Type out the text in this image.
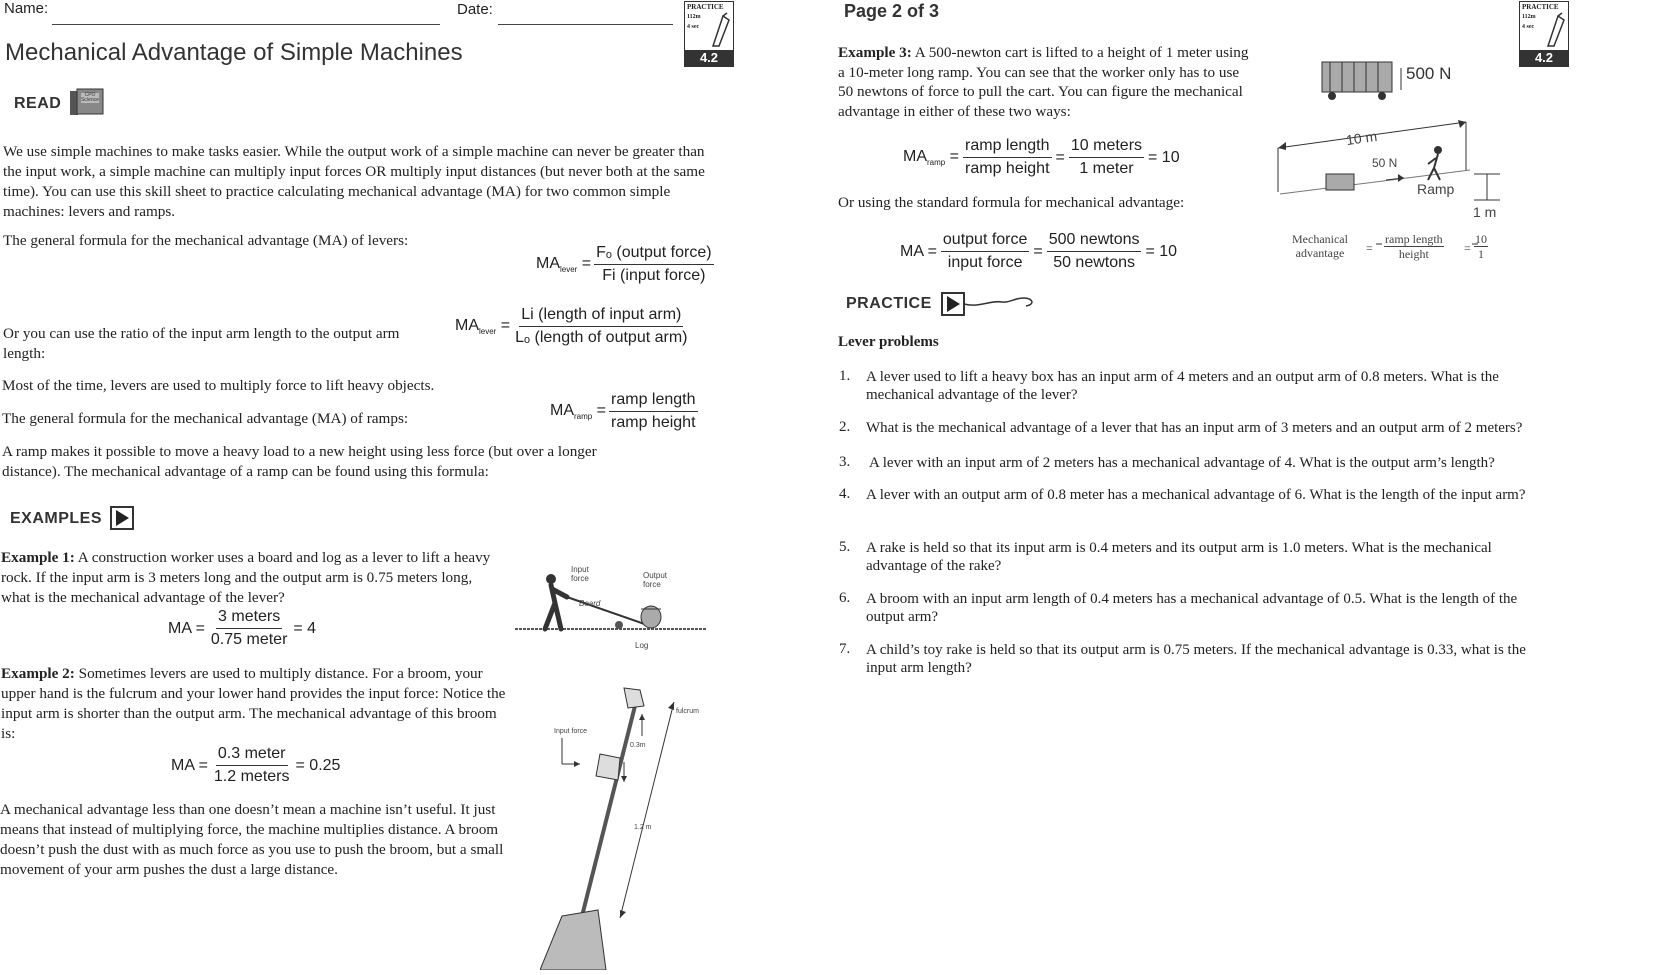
Name:	Date:	PRACTICE
112m
4 sec
4.2
Mechanical Advantage of Simple Machines
READ	CPO Science
We use simple machines to make tasks easier. While the output work of a simple machine can never be greater than the input work, a simple machine can multiply input forces OR multiply input distances (but never both at the same time). You can use this skill sheet to practice calculating mechanical advantage (MA) for two common simple machines: levers and ramps.
The general formula for the mechanical advantage (MA) of levers:
$MA_{lever} = \frac{\text{Fₒ (output force)}}{\text{Fi (input force)}}$
Or you can use the ratio of the input arm length to the output arm length:
$MA_{lever} = \frac{\text{Li (length of input arm)}}{\text{Lₒ (length of output arm)}}$
Most of the time, levers are used to multiply force to lift heavy objects.
The general formula for the mechanical advantage (MA) of ramps:	$MA_{ramp} = \frac{\text{ramp length}}{\text{ramp height}}$
A ramp makes it possible to move a heavy load to a new height using less force (but over a longer distance). The mechanical advantage of a ramp can be found using this formula:
EXAMPLES
Example 1: A construction worker uses a board and log as a lever to lift a heavy rock. If the input arm is 3 meters long and the output arm is 0.75 meters long, what is the mechanical advantage of the lever?
MA = $\frac{\text{3 meters}}{\text{0.75 meter}} = 4$
Input force	Output force
Board
Log
Example 2: Sometimes levers are used to multiply distance. For a broom, your upper hand is the fulcrum and your lower hand provides the input force: Notice the input arm is shorter than the output arm. The mechanical advantage of this broom is:
MA = $\frac{\text{0.3 meter}}{\text{1.2 meters}} = 0.25$
A mechanical advantage less than one doesn’t mean a machine isn’t useful. It just means that instead of multiplying force, the machine multiplies distance. A broom doesn’t push the dust with as much force as you use to push the broom, but a small movement of your arm pushes the dust a large distance.
fulcrum
Input force
0.3m
1.2 m
Page 2 of 3	PRACTICE
112m
4 sec
4.2
Example 3: A 500-newton cart is lifted to a height of 1 meter using a 10-meter long ramp. You can see that the worker only has to use 50 newtons of force to pull the cart. You can figure the mechanical advantage in either of these two ways:
$MA_{ramp} = \frac{\text{ramp length}}{\text{ramp height}} = \frac{\text{10 meters}}{\text{1 meter}} = 10$
Or using the standard formula for mechanical advantage:
MA = $\frac{\text{output force}}{\text{input force}} = \frac{\text{500 newtons}}{\text{50 newtons}} = 10$
500 N
10 m
50 N
Ramp
1 m
Mechanical
advantage	=
ramp length
height	= $\frac{10}{1}$
PRACTICE
Lever problems
1. A lever used to lift a heavy box has an input arm of 4 meters and an output arm of 0.8 meters. What is the mechanical advantage of the lever?
2. What is the mechanical advantage of a lever that has an input arm of 3 meters and an output arm of 2 meters?
3. A lever with an input arm of 2 meters has a mechanical advantage of 4. What is the output arm’s length?
4. A lever with an output arm of 0.8 meter has a mechanical advantage of 6. What is the length of the input arm?
5. A rake is held so that its input arm is 0.4 meters and its output arm is 1.0 meters. What is the mechanical advantage of the rake?
6. A broom with an input arm length of 0.4 meters has a mechanical advantage of 0.5. What is the length of the output arm?
7. A child’s toy rake is held so that its output arm is 0.75 meters. If the mechanical advantage is 0.33, what is the input arm length?
